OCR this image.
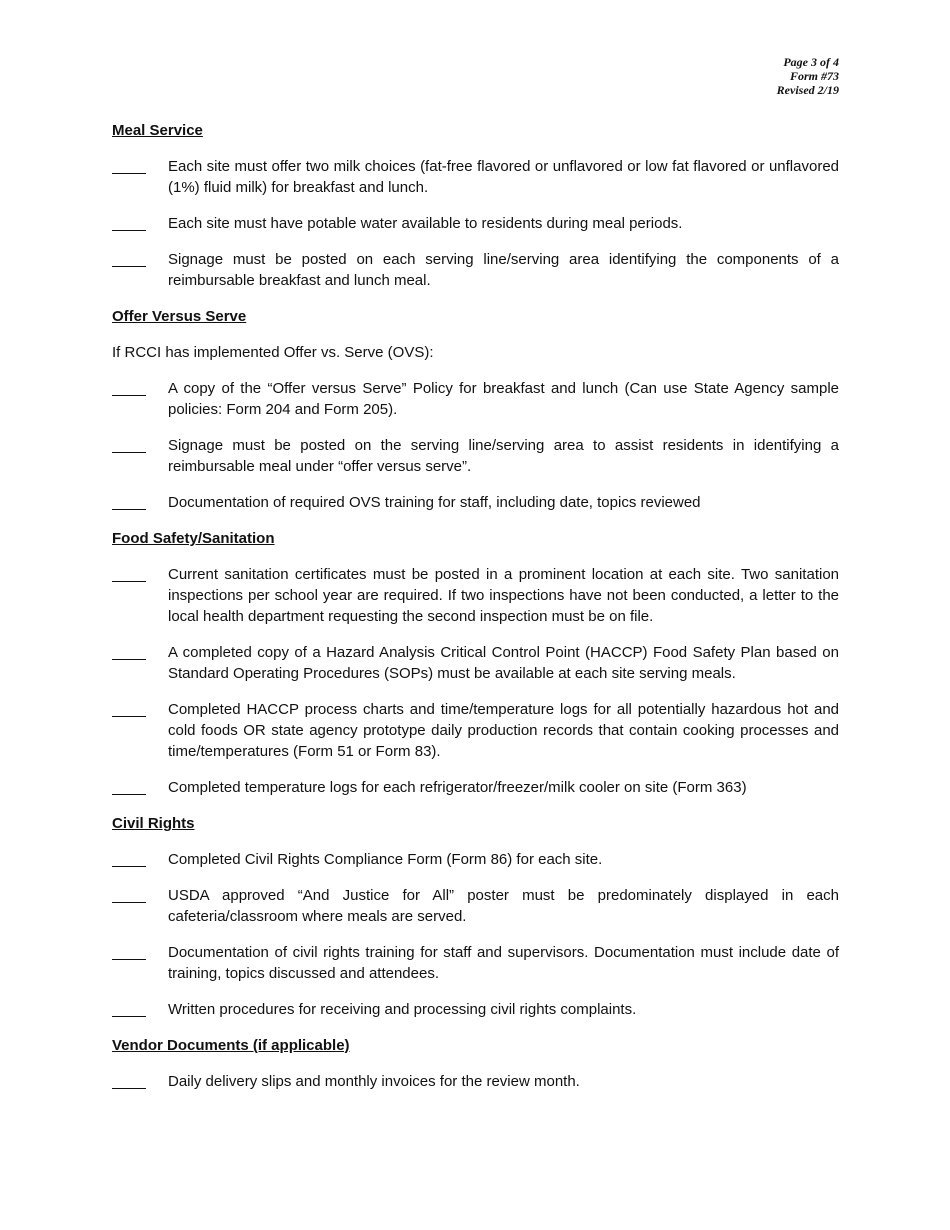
Page 3 of 4
Form #73
Revised 2/19
Meal Service
Each site must offer two milk choices (fat-free flavored or unflavored or low fat flavored or unflavored (1%) fluid milk) for breakfast and lunch.
Each site must have potable water available to residents during meal periods.
Signage must be posted on each serving line/serving area identifying the components of a reimbursable breakfast and lunch meal.
Offer Versus Serve
If RCCI has implemented Offer vs. Serve (OVS):
A copy of the “Offer versus Serve” Policy for breakfast and lunch (Can use State Agency sample policies: Form 204 and Form 205).
Signage must be posted on the serving line/serving area to assist residents in identifying a reimbursable meal under “offer versus serve”.
Documentation of required OVS training for staff, including date, topics reviewed
Food Safety/Sanitation
Current sanitation certificates must be posted in a prominent location at each site. Two sanitation inspections per school year are required. If two inspections have not been conducted, a letter to the local health department requesting the second inspection must be on file.
A completed copy of a Hazard Analysis Critical Control Point (HACCP) Food Safety Plan based on Standard Operating Procedures (SOPs) must be available at each site serving meals.
Completed HACCP process charts and time/temperature logs for all potentially hazardous hot and cold foods OR state agency prototype daily production records that contain cooking processes and time/temperatures (Form 51 or Form 83).
Completed temperature logs for each refrigerator/freezer/milk cooler on site (Form 363)
Civil Rights
Completed Civil Rights Compliance Form (Form 86) for each site.
USDA approved “And Justice for All” poster must be predominately displayed in each cafeteria/classroom where meals are served.
Documentation of civil rights training for staff and supervisors. Documentation must include date of training, topics discussed and attendees.
Written procedures for receiving and processing civil rights complaints.
Vendor Documents (if applicable)
Daily delivery slips and monthly invoices for the review month.
